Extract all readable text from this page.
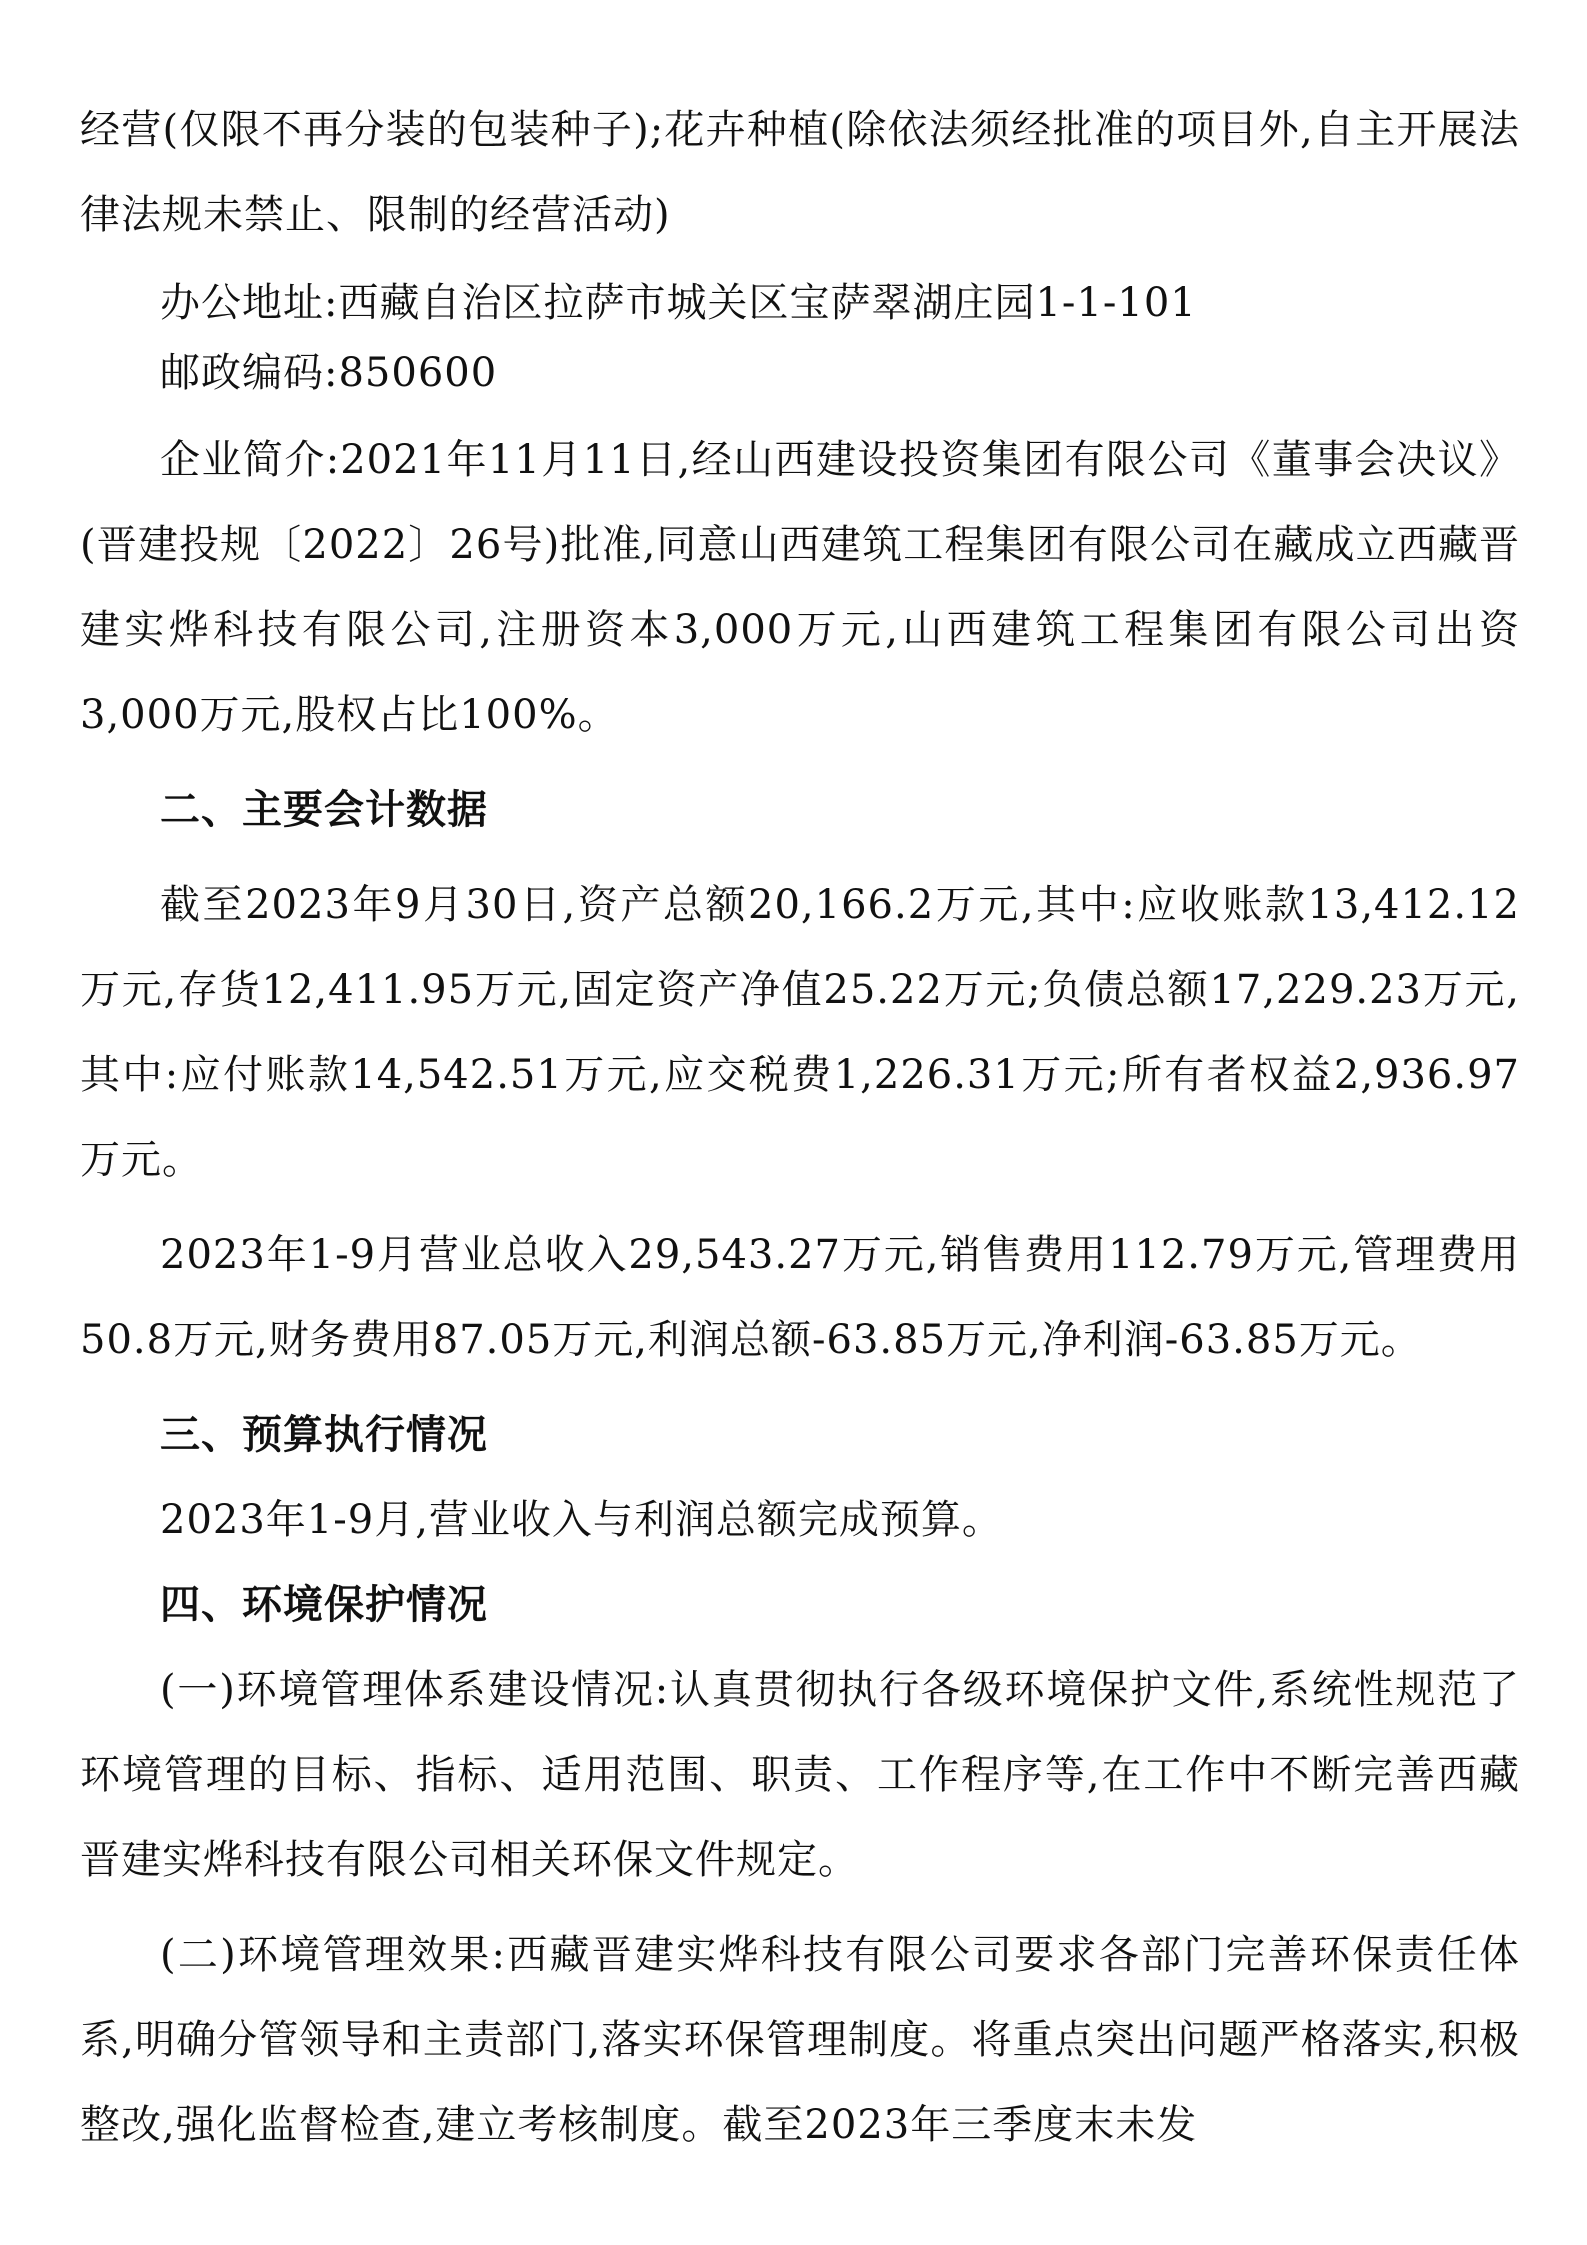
经营(仅限不再分装的包装种子);花卉种植(除依法须经批准的项目外,自主开展法律法规未禁止、限制的经营活动)

办公地址:西藏自治区拉萨市城关区宝萨翠湖庄园1-1-101

邮政编码:850600

企业简介:2021年11月11日,经山西建设投资集团有限公司《董事会决议》(晋建投规〔2022〕26号)批准,同意山西建筑工程集团有限公司在藏成立西藏晋建实烨科技有限公司,注册资本3,000万元,山西建筑工程集团有限公司出资3,000万元,股权占比100%。

二、主要会计数据

截至2023年9月30日,资产总额20,166.2万元,其中:应收账款13,412.12万元,存货12,411.95万元,固定资产净值25.22万元;负债总额17,229.23万元,其中:应付账款14,542.51万元,应交税费1,226.31万元;所有者权益2,936.97万元。

2023年1-9月营业总收入29,543.27万元,销售费用112.79万元,管理费用50.8万元,财务费用87.05万元,利润总额-63.85万元,净利润-63.85万元。

三、预算执行情况

2023年1-9月,营业收入与利润总额完成预算。

四、环境保护情况

(一)环境管理体系建设情况:认真贯彻执行各级环境保护文件,系统性规范了环境管理的目标、指标、适用范围、职责、工作程序等,在工作中不断完善西藏晋建实烨科技有限公司相关环保文件规定。

(二)环境管理效果:西藏晋建实烨科技有限公司要求各部门完善环保责任体系,明确分管领导和主责部门,落实环保管理制度。将重点突出问题严格落实,积极整改,强化监督检查,建立考核制度。截至2023年三季度末未发
